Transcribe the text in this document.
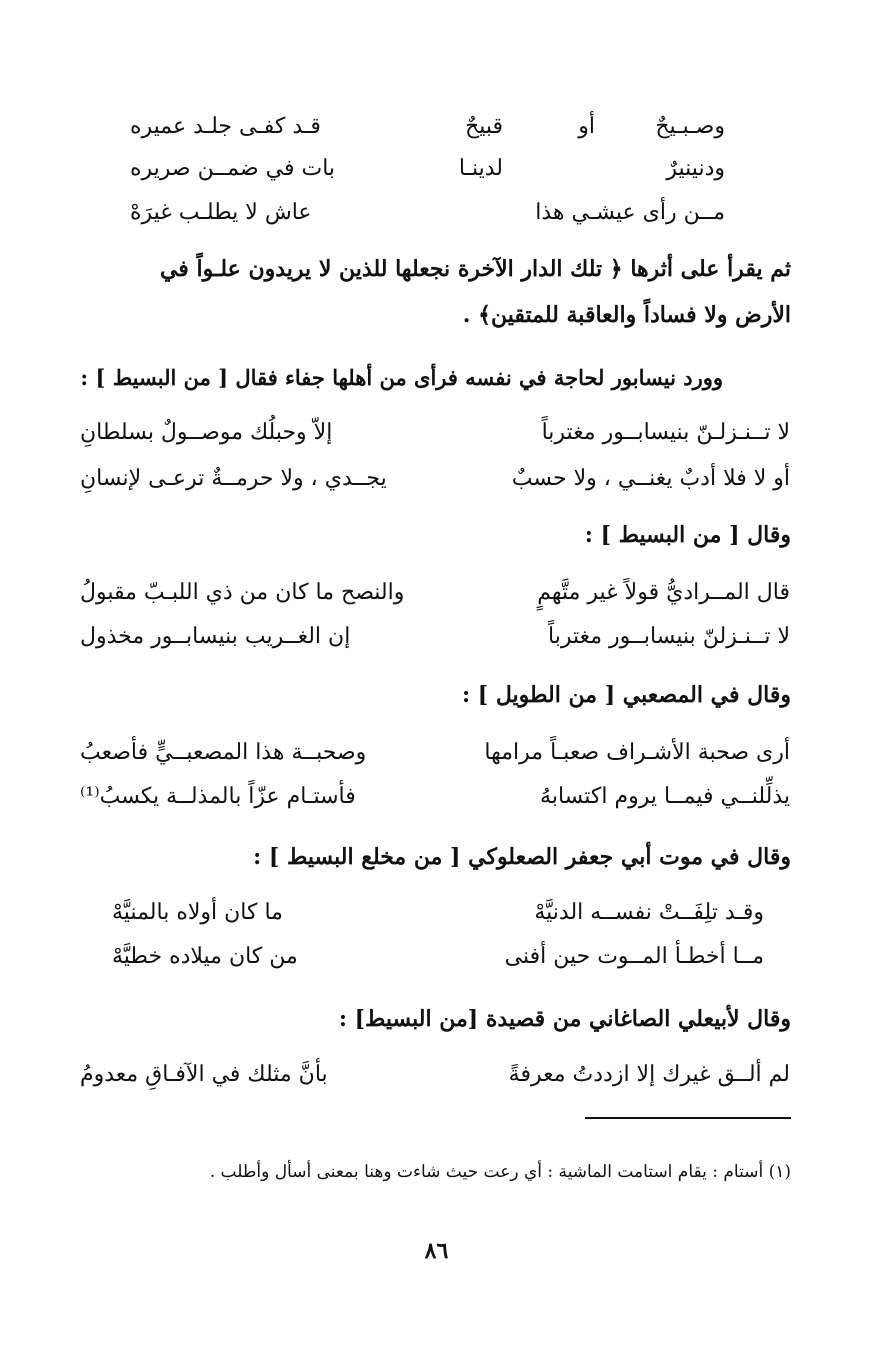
وصـبـيحٌ
أو
قبيحٌ
قـد كفـى جلـد عميره
ودنينيرٌ
لدينـا
بات في ضمــن صريره
مــن رأى عيشـي هذا
عاش لا يطلـب غيرَهْ
ثم يقرأ على أثرها ﴿ تلك الدار الآخرة نجعلها للذين لا يريدون علـواً في
الأرض ولا فساداً والعاقبة للمتقين﴾ .
وورد نيسابور لحاجة في نفسه فرأى من أهلها جفاء فقال [ من البسيط ] :
لا تــنـزلـنّ بنيسابــور مغترباً
إلاّ وحبلُك موصــولٌ بسلطانِ
أو لا فلا أدبٌ يغنــي ، ولا حسبٌ
يجــدي ، ولا حرمــةٌ ترعـى لإنسانِ
وقال [ من البسيط ] :
قال المــراديُّ قولاً غير متَّهمٍ
والنصح ما كان من ذي اللبـبّ مقبولُ
لا تــنـزلنّ بنيسابــور مغترباً
إن الغــريب بنيسابــور مخذول
وقال في المصعبي [ من الطويل ] :
أرى صحبة الأشـراف صعبـاً مرامها
وصحبــة هذا المصعبــيٍّ فأصعبُ
يذلِّلنــي فيمــا يروم اكتسابهُ
فأستـام عزّاً بالمذلــة يكسبُ⁽¹⁾
وقال في موت أبي جعفر الصعلوكي [ من مخلع البسيط ] :
وقـد تلِفَــتْ نفســه الدنيَّهْ
ما كان أولاه بالمنيَّهْ
مــا أخطـأ المــوت حين أفنى
من كان ميلاده خطيَّهْ
وقال لأبيعلي الصاغاني من قصيدة [من البسيط] :
لم ألــق غيرك إلا ازددتُ معرفةً
بأنَّ مثلك في الآفـاقِ معدومُ
(١) أستام : يقام استامت الماشية : أي رعت حيث شاءت وهنا بمعنى أسأل وأطلب .
٨٦
